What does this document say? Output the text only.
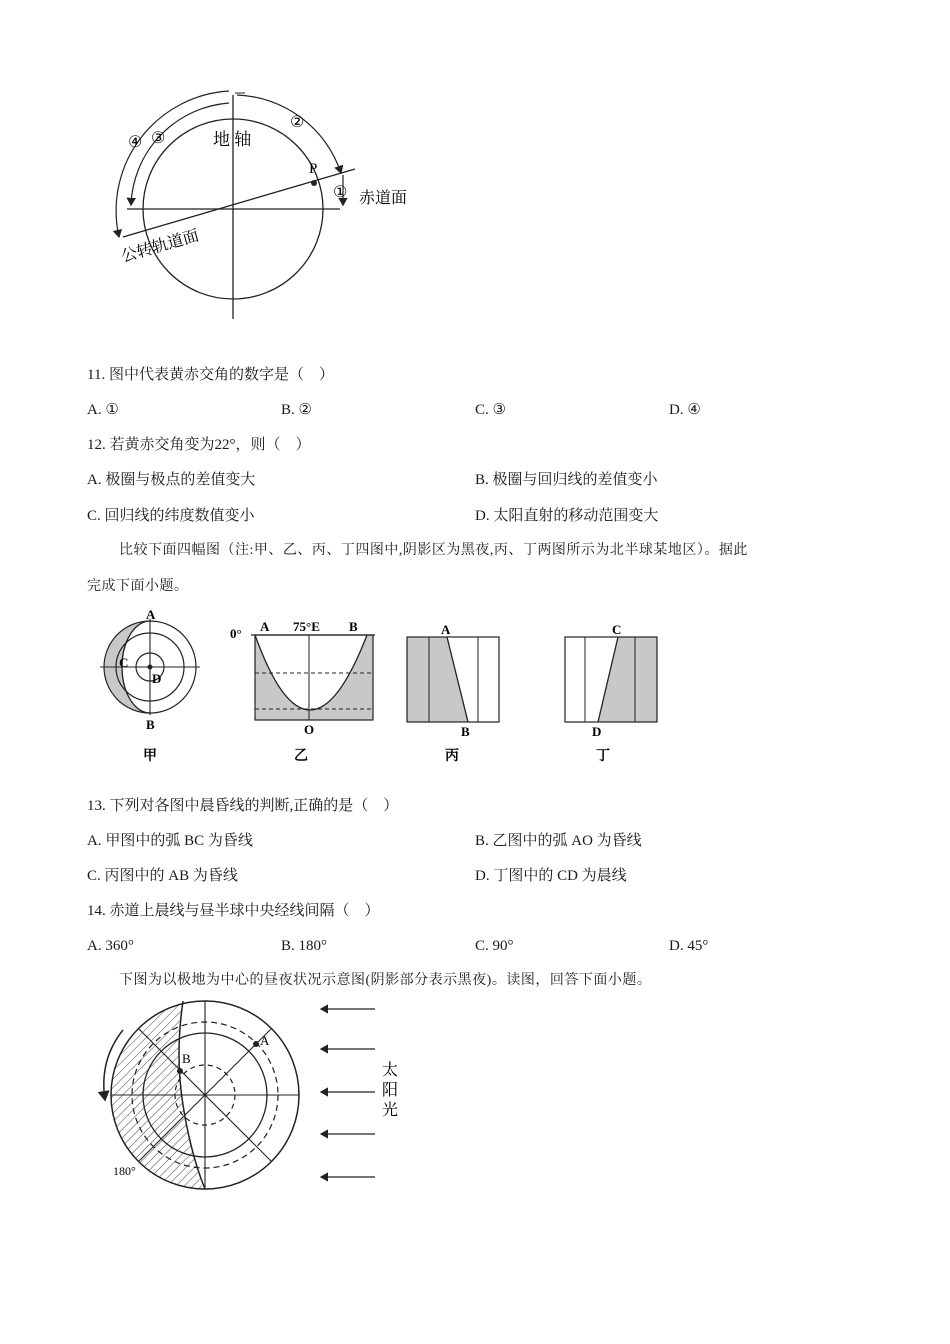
地 轴
P
①
②
③
④
赤道面
公转轨道面
11. 图中代表黄赤交角的数字是（　）
A. ①	B. ②	C. ③	D. ④
12. 若黄赤交角变为22°，则（　）
A. 极圈与极点的差值变大	B. 极圈与回归线的差值变小
C. 回归线的纬度数值变小	D. 太阳直射的移动范围变大
比较下面四幅图（注:甲、乙、丙、丁四图中,阴影区为黑夜,丙、丁两图所示为北半球某地区）。据此
完成下面小题。
A
C
D
B
甲
0° A 75°E B
O
乙
A
B
丙
C
D
丁
13. 下列对各图中晨昏线的判断,正确的是（　）
A. 甲图中的弧 BC 为昏线	B. 乙图中的弧 AO 为昏线
C. 丙图中的 AB 为昏线	D. 丁图中的 CD 为晨线
14. 赤道上晨线与昼半球中央经线间隔（　）
A. 360°	B. 180°	C. 90°	D. 45°
下图为以极地为中心的昼夜状况示意图(阴影部分表示黑夜)。读图，回答下面小题。
A
B
180°
太
阳
光
